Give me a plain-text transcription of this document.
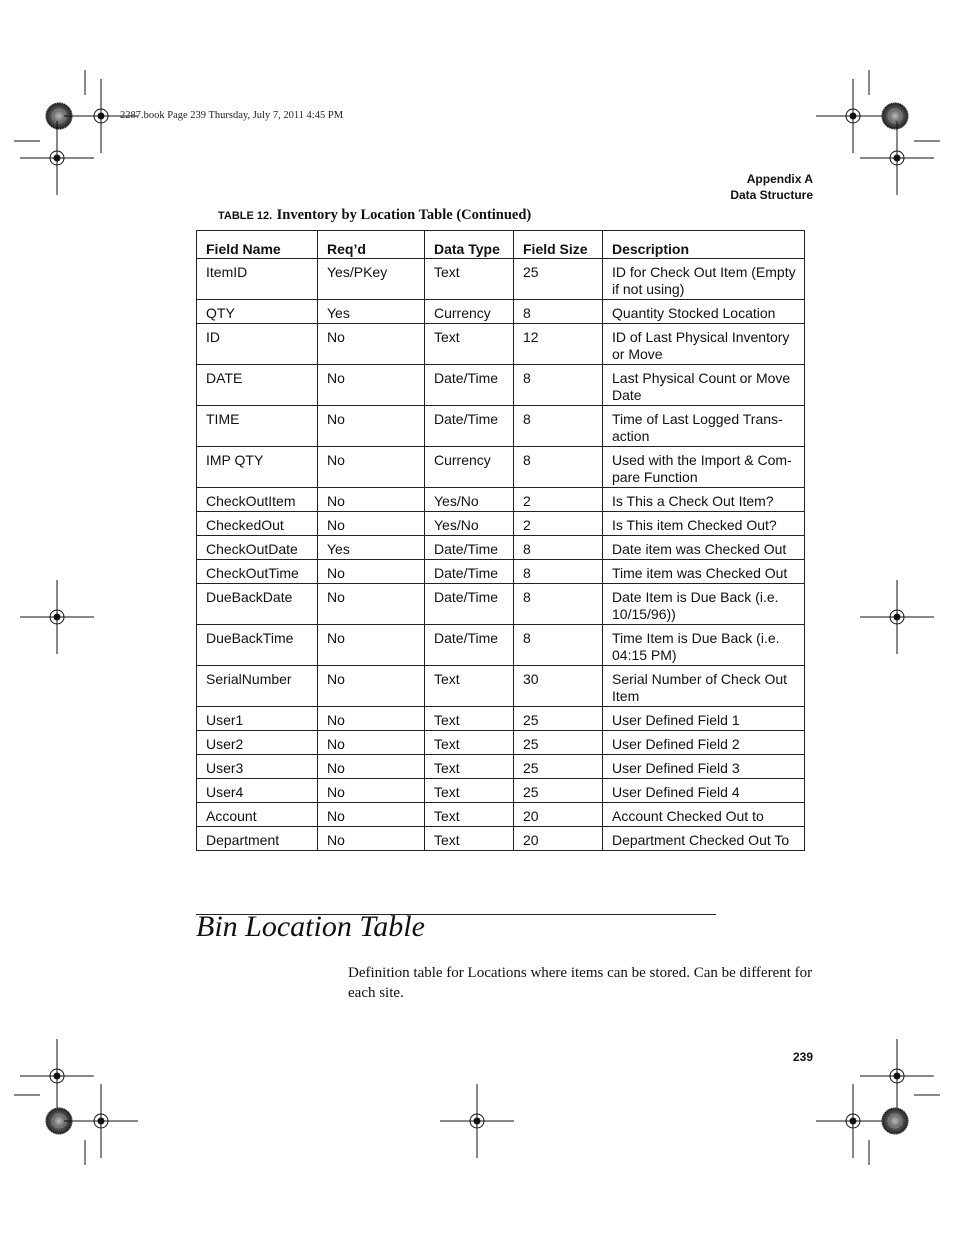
2287.book Page 239 Thursday, July 7, 2011 4:45 PM
Appendix A
Data Structure
TABLE 12. Inventory by Location Table (Continued)
Field Name	Req’d	Data Type	Field Size	Description
ItemID	Yes/PKey	Text	25	ID for Check Out Item (Empty if not using)
QTY	Yes	Currency	8	Quantity Stocked Location
ID	No	Text	12	ID of Last Physical Inventory or Move
DATE	No	Date/Time	8	Last Physical Count or Move Date
TIME	No	Date/Time	8	Time of Last Logged Trans-action
IMP QTY	No	Currency	8	Used with the Import & Com-pare Function
CheckOutItem	No	Yes/No	2	Is This a Check Out Item?
CheckedOut	No	Yes/No	2	Is This item Checked Out?
CheckOutDate	Yes	Date/Time	8	Date item was Checked Out
CheckOutTime	No	Date/Time	8	Time item was Checked Out
DueBackDate	No	Date/Time	8	Date Item is Due Back (i.e. 10/15/96))
DueBackTime	No	Date/Time	8	Time Item is Due Back (i.e. 04:15 PM)
SerialNumber	No	Text	30	Serial Number of Check Out Item
User1	No	Text	25	User Defined Field 1
User2	No	Text	25	User Defined Field 2
User3	No	Text	25	User Defined Field 3
User4	No	Text	25	User Defined Field 4
Account	No	Text	20	Account Checked Out to
Department	No	Text	20	Department Checked Out To
Bin Location Table

Definition table for Locations where items can be stored. Can be different for each site.

239
